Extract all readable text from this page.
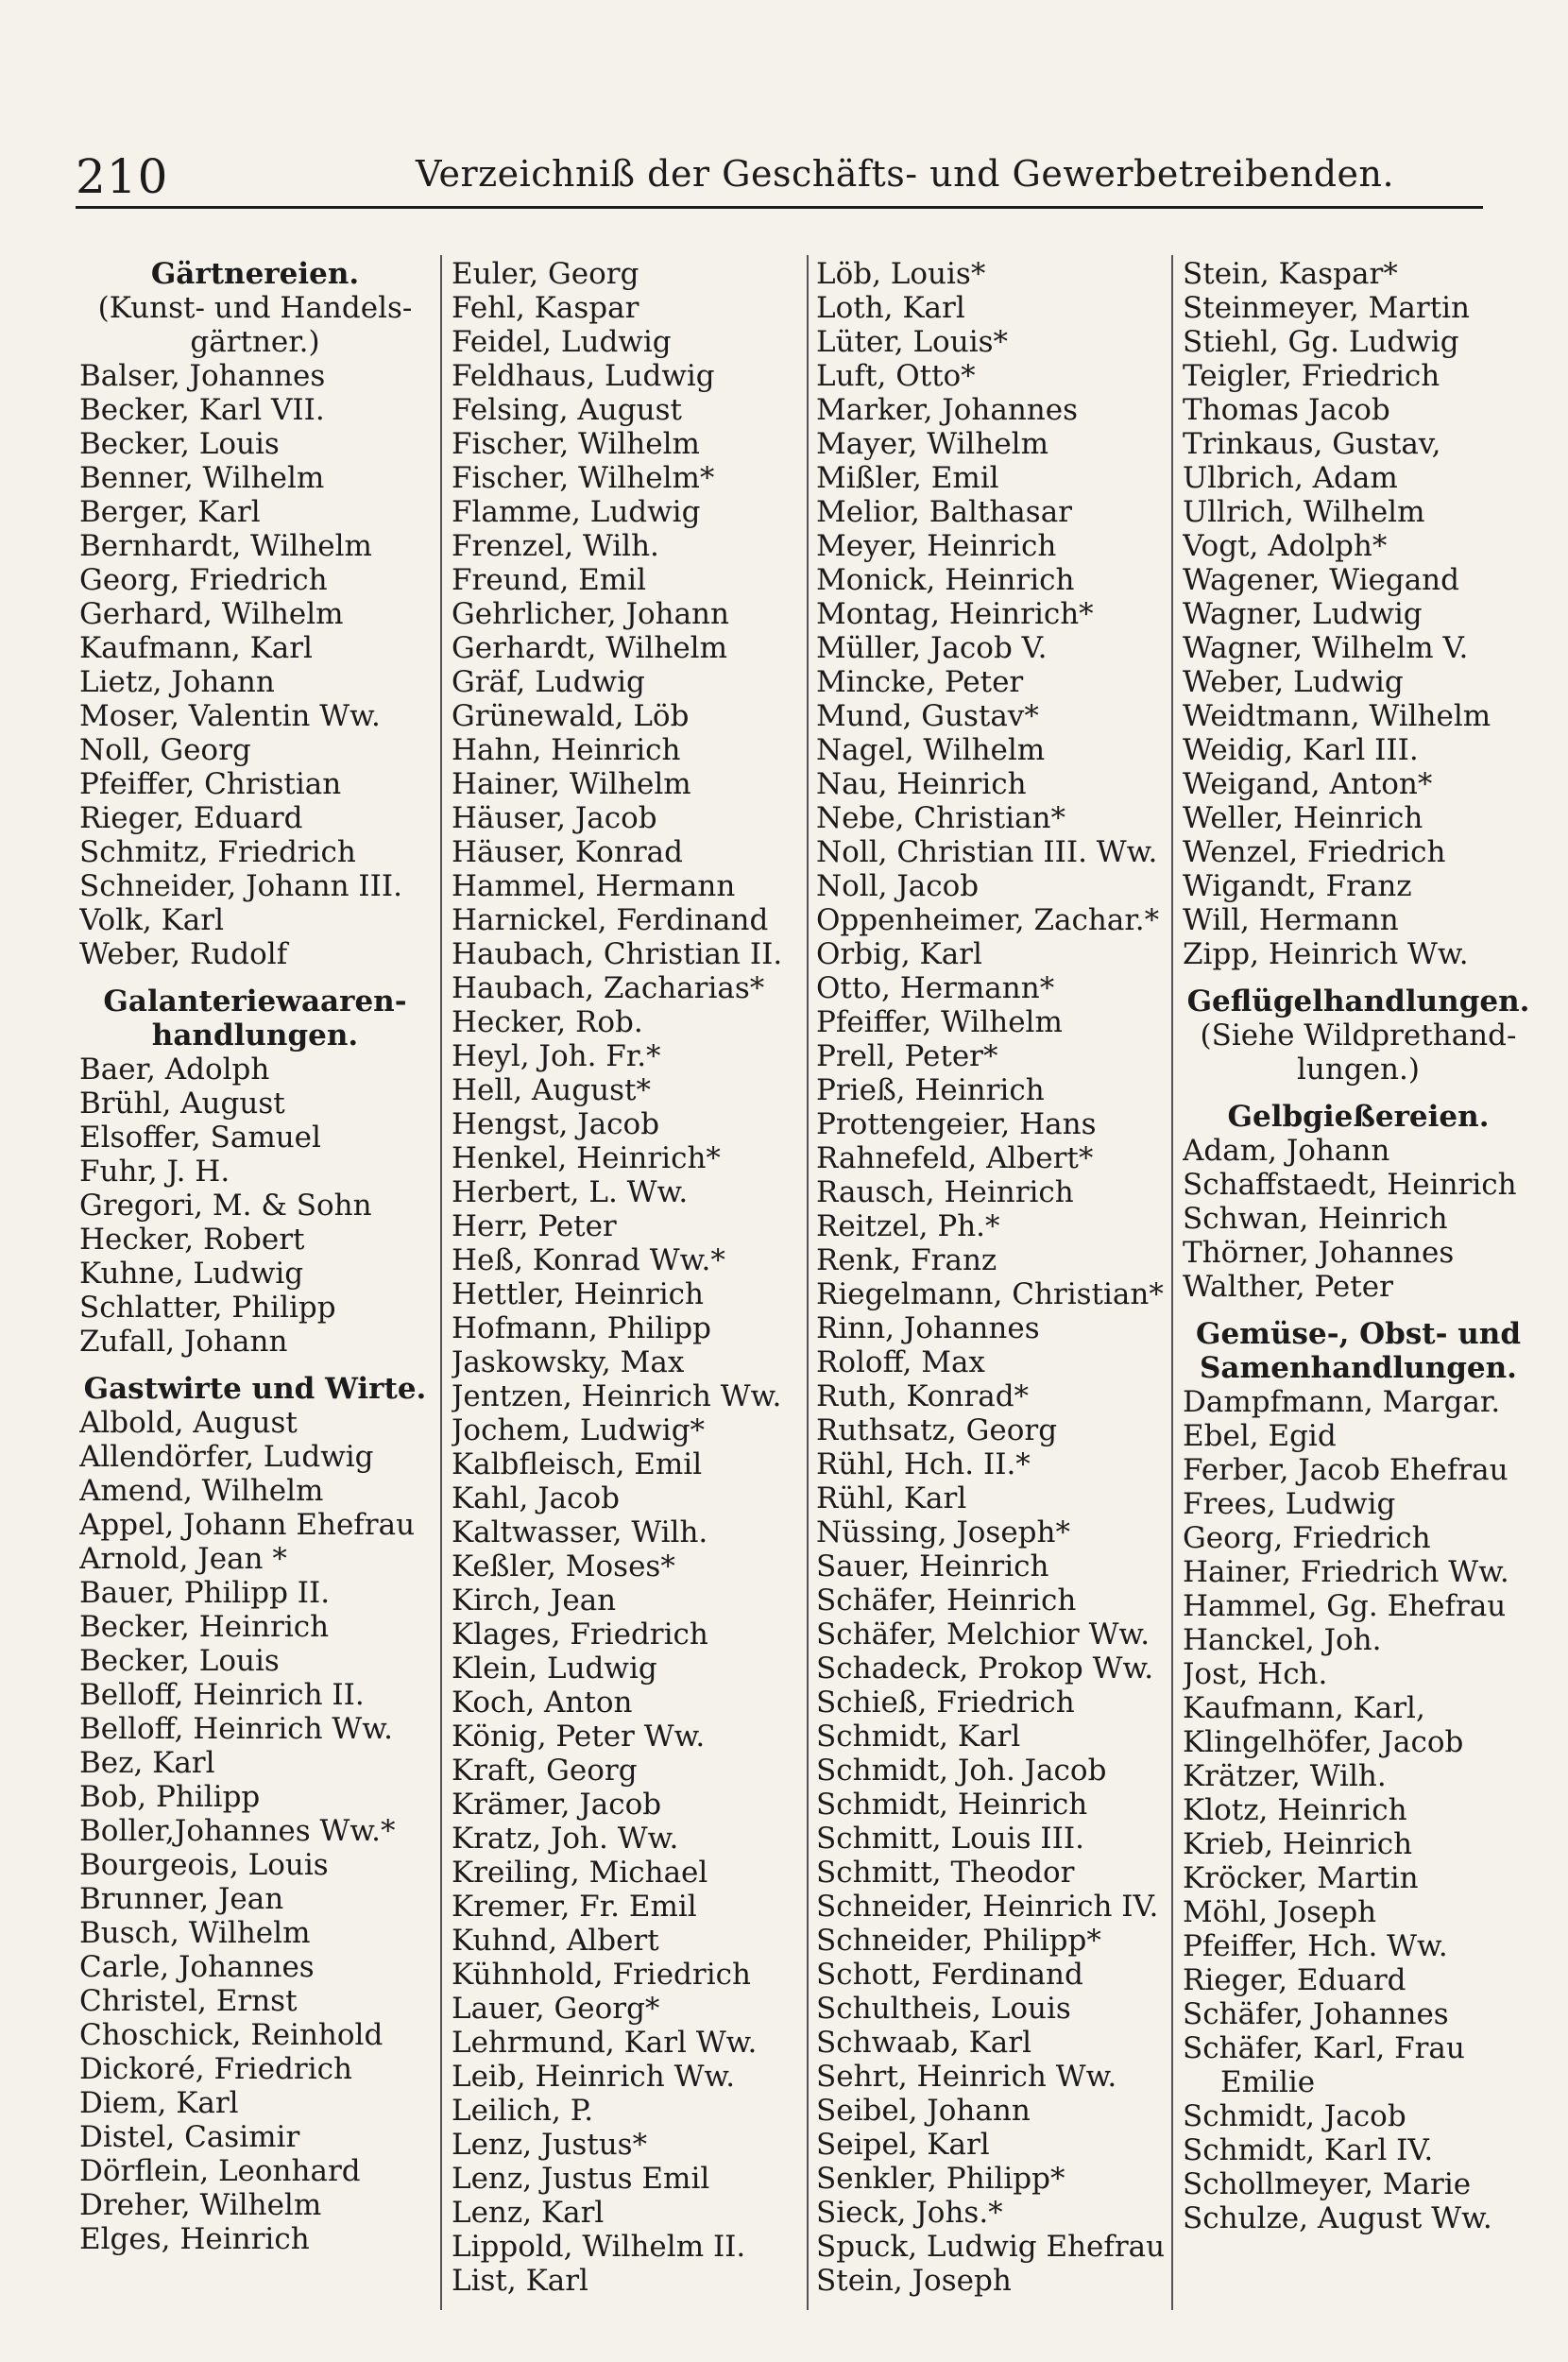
210	Verzeichniß der Geschäfts- und Gewerbetreibenden.
Gärtnereien.
(Kunst- und Handels-
gärtner.)
Balser, Johannes
Becker, Karl VII.
Becker, Louis
Benner, Wilhelm
Berger, Karl
Bernhardt, Wilhelm
Georg, Friedrich
Gerhard, Wilhelm
Kaufmann, Karl
Lietz, Johann
Moser, Valentin Ww.
Noll, Georg
Pfeiffer, Christian
Rieger, Eduard
Schmitz, Friedrich
Schneider, Johann III.
Volk, Karl
Weber, Rudolf
Galanteriewaaren-
handlungen.
Baer, Adolph
Brühl, August
Elsoffer, Samuel
Fuhr, J. H.
Gregori, M. & Sohn
Hecker, Robert
Kuhne, Ludwig
Schlatter, Philipp
Zufall, Johann
Gastwirte und Wirte.
Albold, August
Allendörfer, Ludwig
Amend, Wilhelm
Appel, Johann Ehefrau
Arnold, Jean *
Bauer, Philipp II.
Becker, Heinrich
Becker, Louis
Belloff, Heinrich II.
Belloff, Heinrich Ww.
Bez, Karl
Bob, Philipp
Boller,Johannes Ww.*
Bourgeois, Louis
Brunner, Jean
Busch, Wilhelm
Carle, Johannes
Christel, Ernst
Choschick, Reinhold
Dickoré, Friedrich
Diem, Karl
Distel, Casimir
Dörflein, Leonhard
Dreher, Wilhelm
Elges, Heinrich
Euler, Georg
Fehl, Kaspar
Feidel, Ludwig
Feldhaus, Ludwig
Felsing, August
Fischer, Wilhelm
Fischer, Wilhelm*
Flamme, Ludwig
Frenzel, Wilh.
Freund, Emil
Gehrlicher, Johann
Gerhardt, Wilhelm
Gräf, Ludwig
Grünewald, Löb
Hahn, Heinrich
Hainer, Wilhelm
Häuser, Jacob
Häuser, Konrad
Hammel, Hermann
Harnickel, Ferdinand
Haubach, Christian II.
Haubach, Zacharias*
Hecker, Rob.
Heyl, Joh. Fr.*
Hell, August*
Hengst, Jacob
Henkel, Heinrich*
Herbert, L. Ww.
Herr, Peter
Heß, Konrad Ww.*
Hettler, Heinrich
Hofmann, Philipp
Jaskowsky, Max
Jentzen, Heinrich Ww.
Jochem, Ludwig*
Kalbfleisch, Emil
Kahl, Jacob
Kaltwasser, Wilh.
Keßler, Moses*
Kirch, Jean
Klages, Friedrich
Klein, Ludwig
Koch, Anton
König, Peter Ww.
Kraft, Georg
Krämer, Jacob
Kratz, Joh. Ww.
Kreiling, Michael
Kremer, Fr. Emil
Kuhnd, Albert
Kühnhold, Friedrich
Lauer, Georg*
Lehrmund, Karl Ww.
Leib, Heinrich Ww.
Leilich, P.
Lenz, Justus*
Lenz, Justus Emil
Lenz, Karl
Lippold, Wilhelm II.
List, Karl
Löb, Louis*
Loth, Karl
Lüter, Louis*
Luft, Otto*
Marker, Johannes
Mayer, Wilhelm
Mißler, Emil
Melior, Balthasar
Meyer, Heinrich
Monick, Heinrich
Montag, Heinrich*
Müller, Jacob V.
Mincke, Peter
Mund, Gustav*
Nagel, Wilhelm
Nau, Heinrich
Nebe, Christian*
Noll, Christian III. Ww.
Noll, Jacob
Oppenheimer, Zachar.*
Orbig, Karl
Otto, Hermann*
Pfeiffer, Wilhelm
Prell, Peter*
Prieß, Heinrich
Prottengeier, Hans
Rahnefeld, Albert*
Rausch, Heinrich
Reitzel, Ph.*
Renk, Franz
Riegelmann, Christian*
Rinn, Johannes
Roloff, Max
Ruth, Konrad*
Ruthsatz, Georg
Rühl, Hch. II.*
Rühl, Karl
Nüssing, Joseph*
Sauer, Heinrich
Schäfer, Heinrich
Schäfer, Melchior Ww.
Schadeck, Prokop Ww.
Schieß, Friedrich
Schmidt, Karl
Schmidt, Joh. Jacob
Schmidt, Heinrich
Schmitt, Louis III.
Schmitt, Theodor
Schneider, Heinrich IV.
Schneider, Philipp*
Schott, Ferdinand
Schultheis, Louis
Schwaab, Karl
Sehrt, Heinrich Ww.
Seibel, Johann
Seipel, Karl
Senkler, Philipp*
Sieck, Johs.*
Spuck, Ludwig Ehefrau
Stein, Joseph
Stein, Kaspar*
Steinmeyer, Martin
Stiehl, Gg. Ludwig
Teigler, Friedrich
Thomas Jacob
Trinkaus, Gustav,
Ulbrich, Adam
Ullrich, Wilhelm
Vogt, Adolph*
Wagener, Wiegand
Wagner, Ludwig
Wagner, Wilhelm V.
Weber, Ludwig
Weidtmann, Wilhelm
Weidig, Karl III.
Weigand, Anton*
Weller, Heinrich
Wenzel, Friedrich
Wigandt, Franz
Will, Hermann
Zipp, Heinrich Ww.
Geflügelhandlungen.
(Siehe Wildprethand-
lungen.)
Gelbgießereien.
Adam, Johann
Schaffstaedt, Heinrich
Schwan, Heinrich
Thörner, Johannes
Walther, Peter
Gemüse-, Obst- und
Samenhandlungen.
Dampfmann, Margar.
Ebel, Egid
Ferber, Jacob Ehefrau
Frees, Ludwig
Georg, Friedrich
Hainer, Friedrich Ww.
Hammel, Gg. Ehefrau
Hanckel, Joh.
Jost, Hch.
Kaufmann, Karl,
Klingelhöfer, Jacob
Krätzer, Wilh.
Klotz, Heinrich
Krieb, Heinrich
Kröcker, Martin
Möhl, Joseph
Pfeiffer, Hch. Ww.
Rieger, Eduard
Schäfer, Johannes
Schäfer, Karl, Frau
Emilie
Schmidt, Jacob
Schmidt, Karl IV.
Schollmeyer, Marie
Schulze, August Ww.
